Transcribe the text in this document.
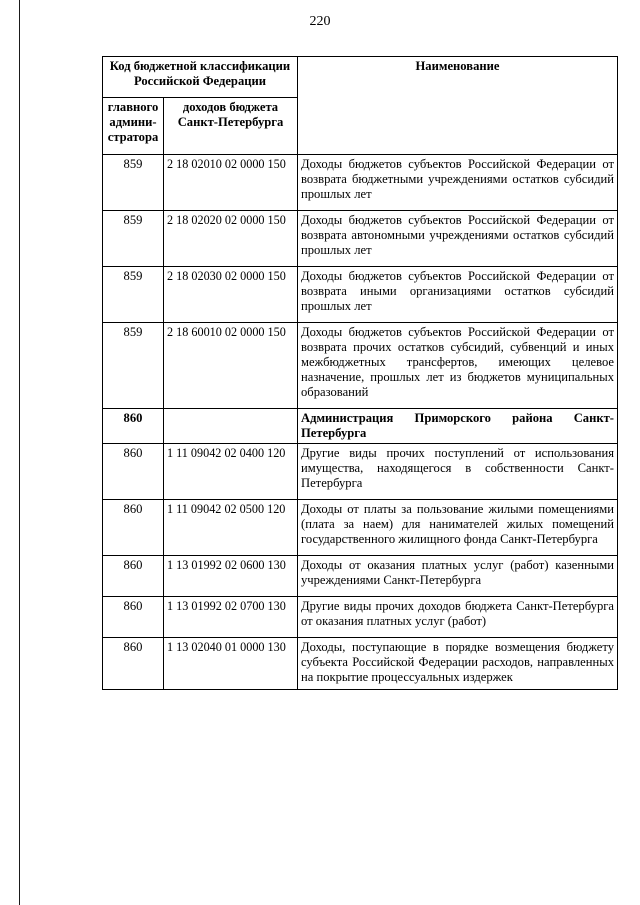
220
Код бюджетной классификации Российской Федерации		Наименование
главного админи-стратора	доходов бюджета Санкт-Петербурга	
859	2 18 02010 02 0000 150	Доходы бюджетов субъектов Российской Федерации от возврата бюджетными учреждениями остатков субсидий прошлых лет
859	2 18 02020 02 0000 150	Доходы бюджетов субъектов Российской Федерации от возврата автономными учреждениями остатков субсидий прошлых лет
859	2 18 02030 02 0000 150	Доходы бюджетов субъектов Российской Федерации от возврата иными организациями остатков субсидий прошлых лет
859	2 18 60010 02 0000 150	Доходы бюджетов субъектов Российской Федерации от возврата прочих остатков субсидий, субвенций и иных межбюджетных трансфертов, имеющих целевое назначение, прошлых лет из бюджетов муниципальных образований
860		Администрация Приморского района Санкт-Петербурга
860	1 11 09042 02 0400 120	Другие виды прочих поступлений от использования имущества, находящегося в собственности Санкт-Петербурга
860	1 11 09042 02 0500 120	Доходы от платы за пользование жилыми помещениями (плата за наем) для нанимателей жилых помещений государственного жилищного фонда Санкт-Петербурга
860	1 13 01992 02 0600 130	Доходы от оказания платных услуг (работ) казенными учреждениями Санкт-Петербурга
860	1 13 01992 02 0700 130	Другие виды прочих доходов бюджета Санкт-Петербурга от оказания платных услуг (работ)
860	1 13 02040 01 0000 130	Доходы, поступающие в порядке возмещения бюджету субъекта Российской Федерации расходов, направленных на покрытие процессуальных издержек
